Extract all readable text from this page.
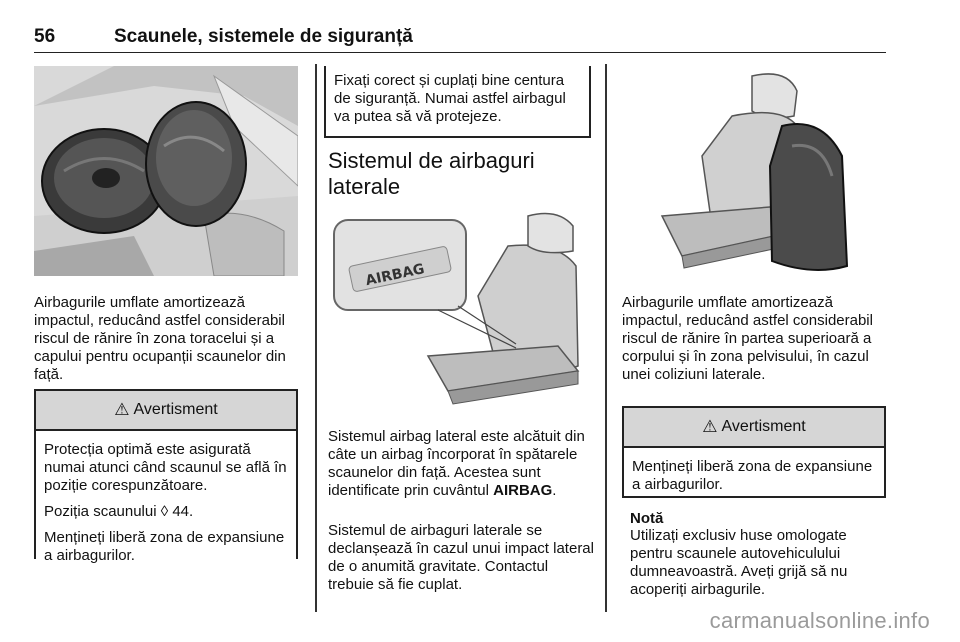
56	Scaunele, sistemele de siguranță

Airbagurile umflate amortizează impactul, reducând astfel considerabil riscul de rănire în zona toracelui și a capului pentru ocupanții scaunelor din față.

⚠ Avertisment

Protecția optimă este asigurată numai atunci când scaunul se află în poziție corespunzătoare.

Poziția scaunului ◊ 44.

Mențineți liberă zona de expansiune a airbagurilor.

Fixați corect și cuplați bine centura de siguranță. Numai astfel airbagul va putea să vă protejeze.
Sistemul de airbaguri laterale
AIRBAG

Sistemul airbag lateral este alcătuit din câte un airbag încorporat în spătarele scaunelor din față. Acestea sunt identificate prin cuvântul AIRBAG.

Sistemul de airbaguri laterale se declanșează în cazul unui impact lateral de o anumită gravitate. Contactul trebuie să fie cuplat.

Airbagurile umflate amortizează impactul, reducând astfel considerabil riscul de rănire în partea superioară a corpului și în zona pelvisului, în cazul unei coliziuni laterale.

⚠ Avertisment

Mențineți liberă zona de expansiune a airbagurilor.

Notă

Utilizați exclusiv huse omologate pentru scaunele autovehiculului dumneavoastră. Aveți grijă să nu acoperiți airbagurile.

carmanualsonline.info
